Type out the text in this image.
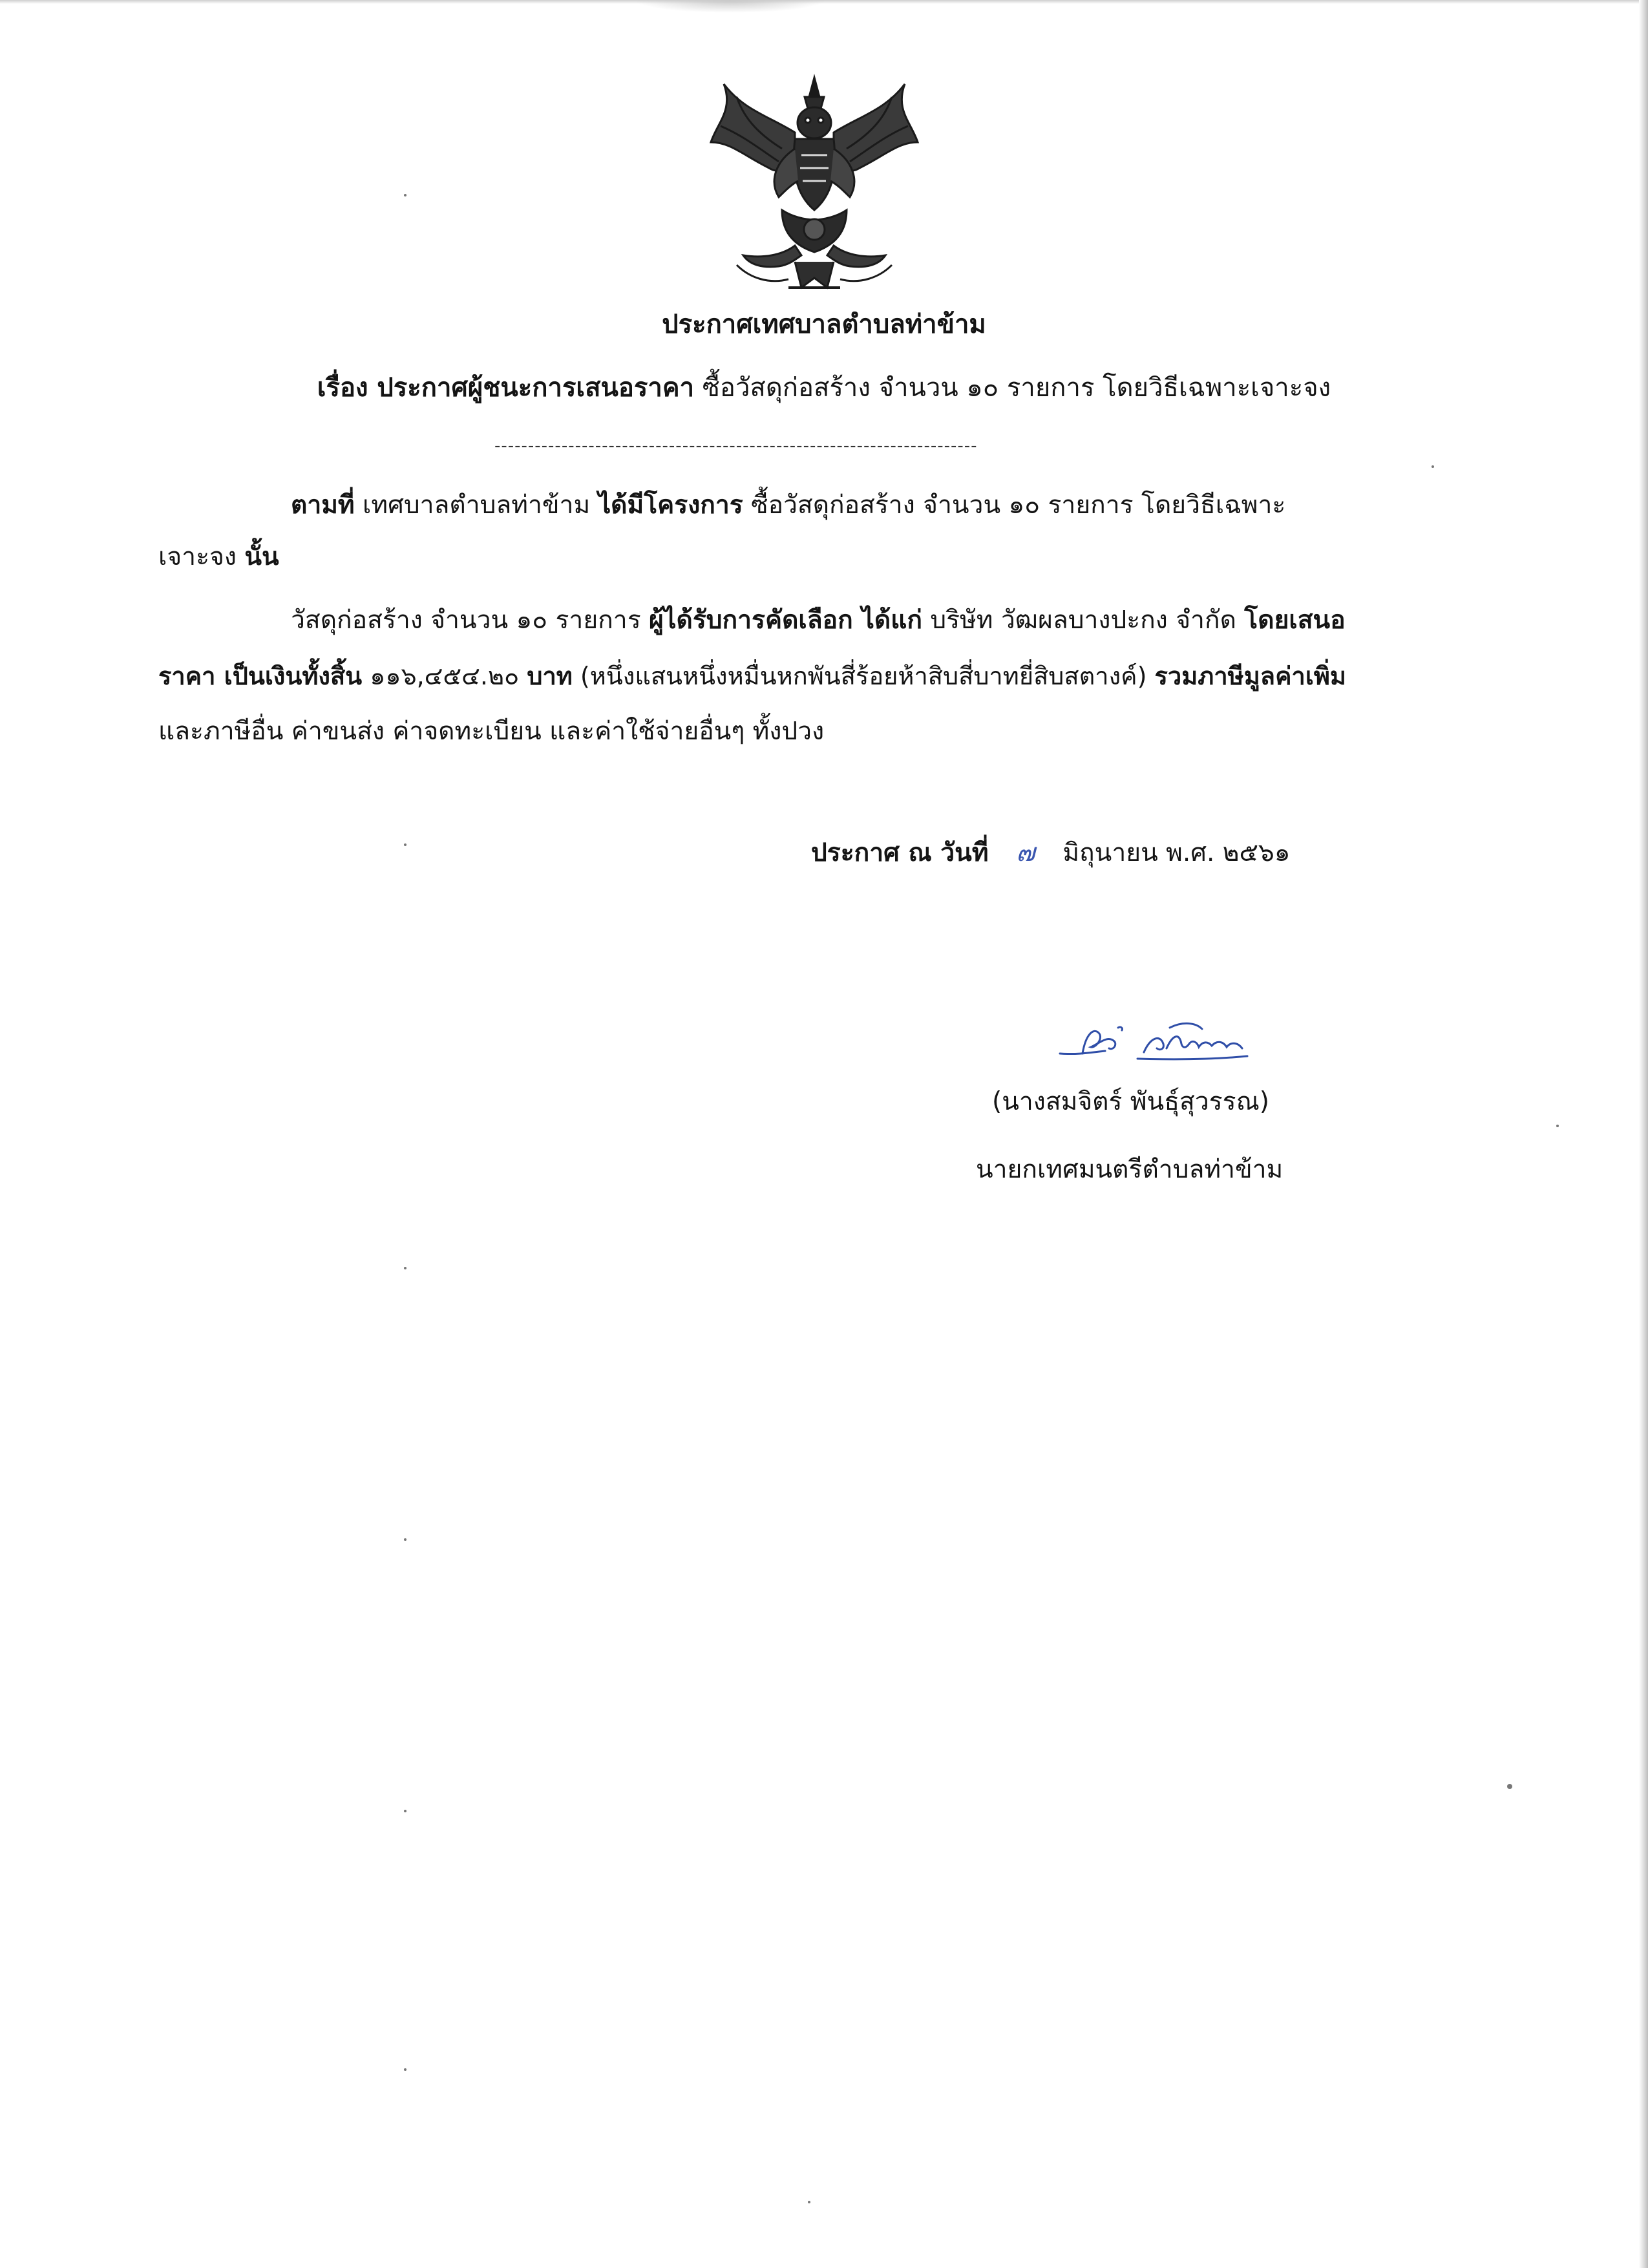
ประกาศเทศบาลตำบลท่าข้าม
เรื่อง ประกาศผู้ชนะการเสนอราคา ซื้อวัสดุก่อสร้าง จำนวน ๑๐ รายการ โดยวิธีเฉพาะเจาะจง
------------------------------------------------------------------------
ตามที่ เทศบาลตำบลท่าข้าม ได้มีโครงการ ซื้อวัสดุก่อสร้าง จำนวน ๑๐ รายการ โดยวิธีเฉพาะ
เจาะจง นั้น
วัสดุก่อสร้าง จำนวน ๑๐ รายการ ผู้ได้รับการคัดเลือก ได้แก่ บริษัท วัฒผลบางปะกง จำกัด โดยเสนอ
ราคา เป็นเงินทั้งสิ้น ๑๑๖,๔๕๔.๒๐ บาท (หนึ่งแสนหนึ่งหมื่นหกพันสี่ร้อยห้าสิบสี่บาทยี่สิบสตางค์) รวมภาษีมูลค่าเพิ่ม
และภาษีอื่น ค่าขนส่ง ค่าจดทะเบียน และค่าใช้จ่ายอื่นๆ ทั้งปวง
ประกาศ ณ วันที่ ๗ มิถุนายน พ.ศ. ๒๕๖๑
(นางสมจิตร์ พันธุ์สุวรรณ)
นายกเทศมนตรีตำบลท่าข้าม
